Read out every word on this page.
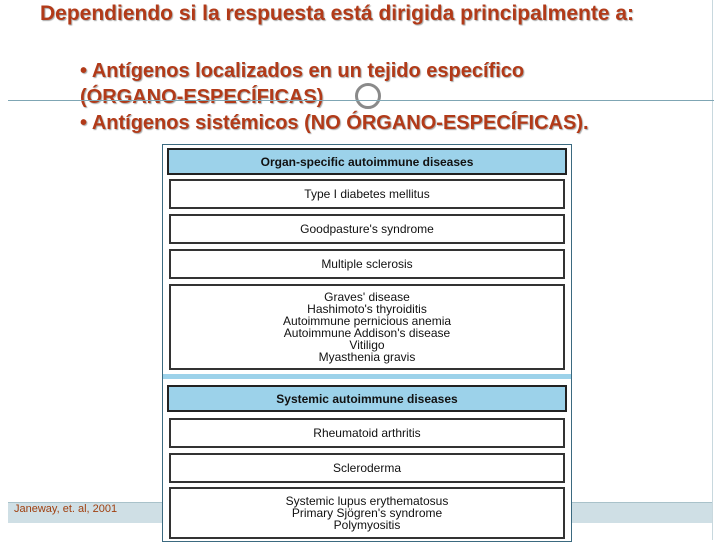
Dependiendo si la respuesta está dirigida principalmente a:
• Antígenos localizados en un tejido específico
(ÓRGANO-ESPECÍFICAS)
• Antígenos sistémicos (NO ÓRGANO-ESPECÍFICAS).
Janeway, et. al, 2001
Organ-specific autoimmune diseases
Type I diabetes mellitus
Goodpasture's syndrome
Multiple sclerosis
Graves' disease
Hashimoto's thyroiditis
Autoimmune pernicious anemia
Autoimmune Addison's disease
Vitiligo
Myasthenia gravis
Systemic autoimmune diseases
Rheumatoid arthritis
Scleroderma
Systemic lupus erythematosus
Primary Sjögren's syndrome
Polymyositis
